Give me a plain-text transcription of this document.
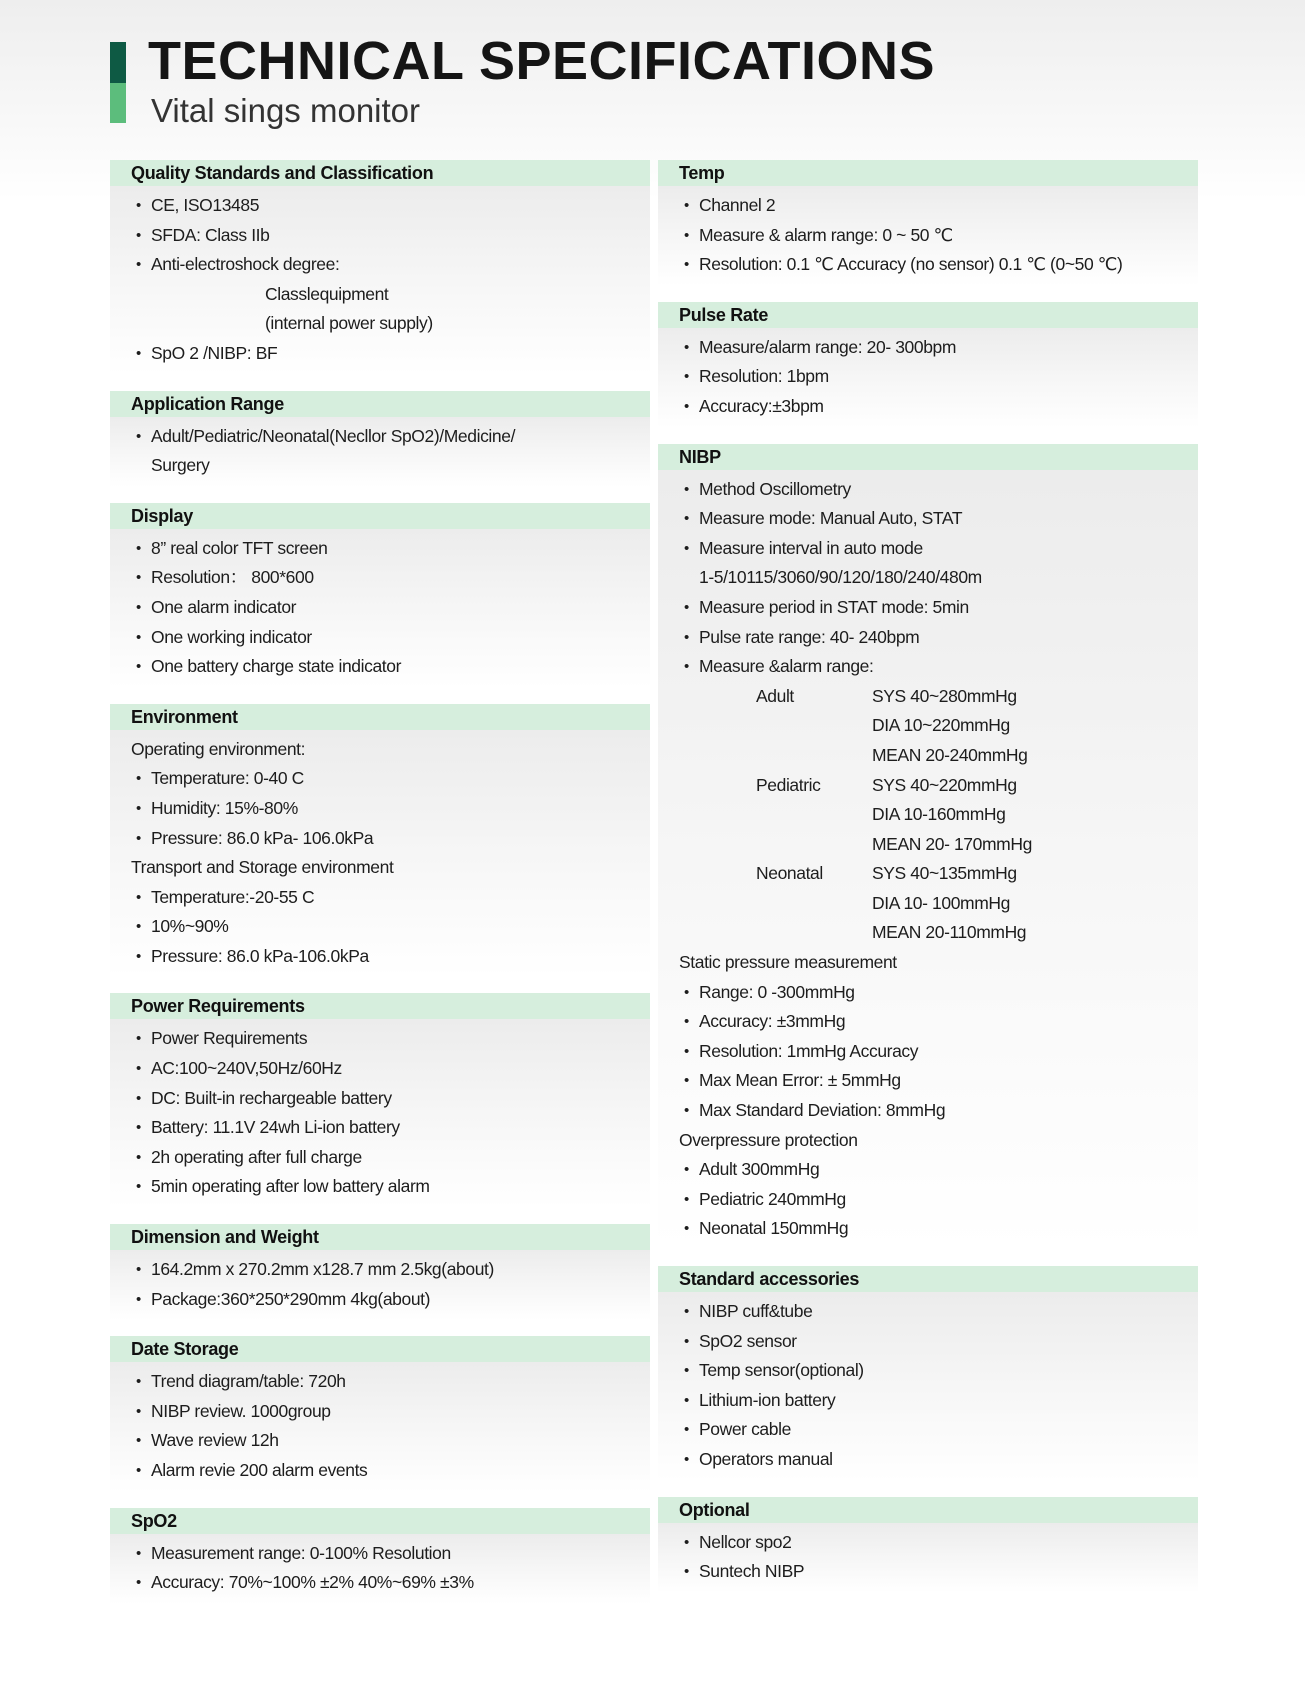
TECHNICAL SPECIFICATIONS
Vital sings monitor
Quality Standards and Classification
• CE, ISO13485
• SFDA: Class IIb
• Anti-electroshock degree:
Classlequipment
(internal power supply)
• SpO 2 /NIBP: BF
Application Range
• Adult/Pediatric/Neonatal(Necllor SpO2)/Medicine/
Surgery
Display
• 8” real color TFT screen
• Resolution： 800*600
• One alarm indicator
• One working indicator
• One battery charge state indicator
Environment
Operating environment:
• Temperature: 0-40 C
• Humidity: 15%-80%
• Pressure: 86.0 kPa- 106.0kPa
Transport and Storage environment
• Temperature:-20-55 C
• 10%~90%
• Pressure: 86.0 kPa-106.0kPa
Power Requirements
• Power Requirements
• AC:100~240V,50Hz/60Hz
• DC: Built-in rechargeable battery
• Battery: 11.1V 24wh Li-ion battery
• 2h operating after full charge
• 5min operating after low battery alarm
Dimension and Weight
• 164.2mm x 270.2mm x128.7 mm 2.5kg(about)
• Package:360*250*290mm 4kg(about)
Date Storage
• Trend diagram/table: 720h
• NIBP review. 1000group
• Wave review 12h
• Alarm revie 200 alarm events
SpO2
• Measurement range: 0-100% Resolution
• Accuracy: 70%~100% ±2% 40%~69% ±3%
Temp
• Channel 2
• Measure & alarm range: 0 ~ 50 ℃
• Resolution: 0.1 ℃ Accuracy (no sensor) 0.1 ℃ (0~50 ℃)
Pulse Rate
• Measure/alarm range: 20- 300bpm
• Resolution: 1bpm
• Accuracy:±3bpm
NIBP
• Method Oscillometry
• Measure mode: Manual Auto, STAT
• Measure interval in auto mode
1-5/10115/3060/90/120/180/240/480m
• Measure period in STAT mode: 5min
• Pulse rate range: 40- 240bpm
• Measure &alarm range:
Adult	SYS 40~280mmHg
DIA 10~220mmHg
MEAN 20-240mmHg
Pediatric	SYS 40~220mmHg
DIA 10-160mmHg
MEAN 20- 170mmHg
Neonatal	SYS 40~135mmHg
DIA 10- 100mmHg
MEAN 20-110mmHg
Static pressure measurement
• Range: 0 -300mmHg
• Accuracy: ±3mmHg
• Resolution: 1mmHg Accuracy
• Max Mean Error: ± 5mmHg
• Max Standard Deviation: 8mmHg
Overpressure protection
• Adult 300mmHg
• Pediatric 240mmHg
• Neonatal 150mmHg
Standard accessories
• NIBP cuff&tube
• SpO2 sensor
• Temp sensor(optional)
• Lithium-ion battery
• Power cable
• Operators manual
Optional
• Nellcor spo2
• Suntech NIBP
